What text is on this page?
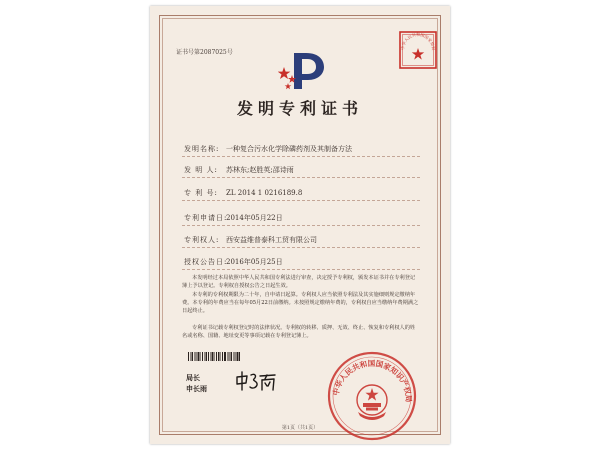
证书号第2087025号
中华人民共和国国家知识
发明专利证书
发明名称: 一种复合污水化学除磷药剂及其制备方法
发 明 人: 苏林东;赵胜英;邵诗雨
专 利 号: ZL 2014 1 0216189.8
专利申请日:2014年05月22日
专利权人: 西安益维普泰科工贸有限公司
授权公告日:2016年05月25日
本发明经过本局依照中华人民共和国专利法进行审查，决定授予专利权，颁发本证书并在专利登记簿上予以登记。专利权自授权公告之日起生效。
本专利的专利权期限为二十年，自申请日起算。专利权人应当依照专利法及其实施细则规定缴纳年费。本专利的年费应当在每年05月22日前缴纳。未按照规定缴纳年费的，专利权自应当缴纳年费期满之日起终止。
专利证书记载专利权登记时的法律状况。专利权的转移、质押、无效、终止、恢复和专利权人的姓名或名称、国籍、地址变更等事项记载在专利登记簿上。
局长
申长雨	中华人民共和国国家知识产权局
第1页（共1页）
